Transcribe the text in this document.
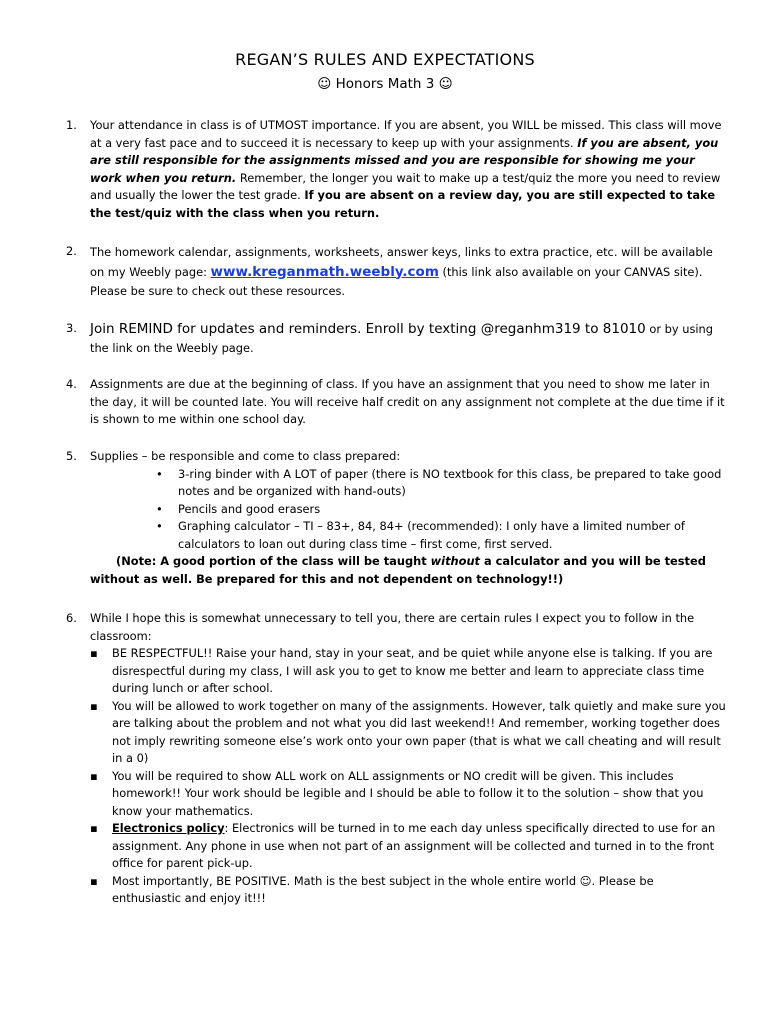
REGAN’S RULES AND EXPECTATIONS
☺ Honors Math 3 ☺
1.	Your attendance in class is of UTMOST importance. If you are absent, you WILL be missed. This class will move at a very fast pace and to succeed it is necessary to keep up with your assignments. If you are absent, you are still responsible for the assignments missed and you are responsible for showing me your work when you return. Remember, the longer you wait to make up a test/quiz the more you need to review and usually the lower the test grade. If you are absent on a review day, you are still expected to take the test/quiz with the class when you return.
2.	The homework calendar, assignments, worksheets, answer keys, links to extra practice, etc. will be available on my Weebly page: www.kreganmath.weebly.com (this link also available on your CANVAS site). Please be sure to check out these resources.
3. Join REMIND for updates and reminders. Enroll by texting @reganhm319 to 81010 or by using the link on the Weebly page.
4.	Assignments are due at the beginning of class. If you have an assignment that you need to show me later in the day, it will be counted late. You will receive half credit on any assignment not complete at the due time if it is shown to me within one school day.
5.	Supplies – be responsible and come to class prepared:
• 3-ring binder with A LOT of paper (there is NO textbook for this class, be prepared to take good notes and be organized with hand-outs)
• Pencils and good erasers
• Graphing calculator – TI – 83+, 84, 84+ (recommended): I only have a limited number of calculators to loan out during class time – first come, first served.
(Note: A good portion of the class will be taught without a calculator and you will be tested without as well. Be prepared for this and not dependent on technology!!)
6.	While I hope this is somewhat unnecessary to tell you, there are certain rules I expect you to follow in the classroom:
▪ BE RESPECTFUL!! Raise your hand, stay in your seat, and be quiet while anyone else is talking. If you are disrespectful during my class, I will ask you to get to know me better and learn to appreciate class time during lunch or after school.
▪ You will be allowed to work together on many of the assignments. However, talk quietly and make sure you are talking about the problem and not what you did last weekend!! And remember, working together does not imply rewriting someone else’s work onto your own paper (that is what we call cheating and will result in a 0)
▪ You will be required to show ALL work on ALL assignments or NO credit will be given. This includes homework!! Your work should be legible and I should be able to follow it to the solution – show that you know your mathematics.
▪ Electronics policy: Electronics will be turned in to me each day unless specifically directed to use for an assignment. Any phone in use when not part of an assignment will be collected and turned in to the front office for parent pick-up.
▪ Most importantly, BE POSITIVE. Math is the best subject in the whole entire world ☺. Please be enthusiastic and enjoy it!!!
